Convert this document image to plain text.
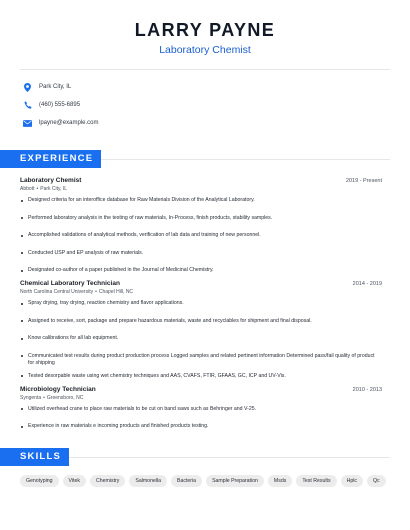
LARRY PAYNE
Laboratory Chemist
Park City, IL
(460) 555-6895
lpayne@example.com
EXPERIENCE
Laboratory Chemist	2019 - Present
Abbott • Park City, IL
Designed criteria for an interoffice database for Raw Materials Division of the Analytical Laboratory.
Performed laboratory analysis in the testing of raw materials, In-Process, finish products, stability samples.
Accomplished validations of analytical methods, verification of lab data and training of new personnel.
Conducted USP and EP analysis of raw materials.
Designated co-author of a paper published in the Journal of Medicinal Chemistry.
Chemical Laboratory Technician	2014 - 2019
North Carolina Central University • Chapel Hill, NC
Spray drying, tray drying, reaction chemistry and flavor applications.
Assigned to receive, sort, package and prepare hazardous materials, waste and recyclables for shipment and final disposal.
Know calibrations for all lab equipment.
Communicated test results during product production process Logged samples and related pertinent information Determined pass/fail quality of product for shipping
Tested desorpable waste using wet chemistry techniques and AAS, CVAFS, FTIR, GFAAS, GC, ICP and UV-Vis.
Microbiology Technician	2010 - 2013
Syngenta • Greensboro, NC
Utilized overhead crane to place raw materials to be cut on band saws such as Behringer and V-25.
Experience in raw materials e incoming products and finished products testing.
SKILLS
Genotyping	Vitek	Chemistry	Salmonella	Bacteria	Sample Preparation	Msds	Test Results	Hplc	Qc
